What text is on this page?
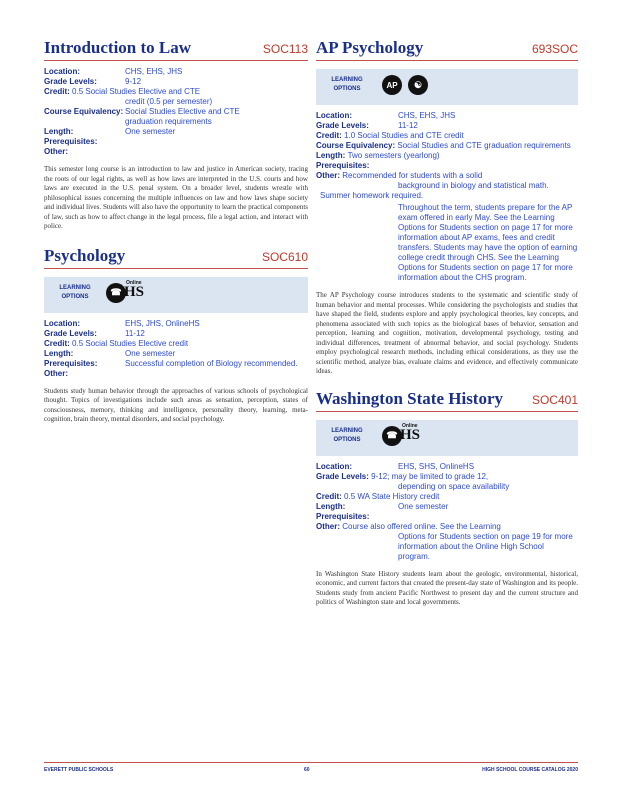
Introduction to Law	SOC113
Location:	CHS, EHS, JHS
Grade Levels:	9-12
Credit:
0.5 Social Studies Elective and CTE
credit (0.5 per semester)
Course Equivalency: Social Studies Elective and CTE
graduation requirements
Length:	One semester
Prerequisites:
Other:

This semester long course is an introduction to law and justice in American society, tracing the roots of our legal rights, as well as how laws are interpreted in the U.S. courts and how laws are executed in the U.S. penal system. On a broader level, students wrestle with philosophical issues concerning the multiple influences on law and how laws shape society and individual lives. Students will also have the opportunity to learn the practical components of law, such as how to affect change in the legal process, file a legal action, and interact with police.

Psychology	SOC610
LEARNING OPTIONS	☎ HS
Online
Location:	EHS, JHS, OnlineHS
Grade Levels:	11-12
Credit:
0.5 Social Studies Elective credit
Length:	One semester
Prerequisites:	Successful completion of Biology recommended.
Other:

Students study human behavior through the approaches of various schools of psychological thought. Topics of investigations include such areas as sensation, perception, states of consciousness, memory, thinking and intelligence, personality theory, learning, meta-cognition, brain theory, mental disorders, and social psychology.

AP Psychology	693SOC
LEARNING OPTIONS	AP	☯
Location:	CHS, EHS, JHS
Grade Levels:	11-12
Credit:
1.0 Social Studies and CTE credit
Course Equivalency:
Social Studies and CTE graduation requirements
Length:
Two semesters (yearlong)
Prerequisites:
Other:
Recommended for students with a solid
background in biology and statistical math.
Summer homework required.
Throughout the term, students prepare for the AP exam offered in early May. See the Learning Options for Students section on page 17 for more information about AP exams, fees and credit transfers. Students may have the option of earning college credit through CHS. See the Learning Options for Students section on page 17 for more information about the CHS program.

The AP Psychology course introduces students to the systematic and scientific study of human behavior and mental processes. While considering the psychologists and studies that have shaped the field, students explore and apply psychological theories, key concepts, and phenomena associated with such topics as the biological bases of behavior, sensation and perception, learning and cognition, motivation, developmental psychology, testing and individual differences, treatment of abnormal behavior, and social psychology. Students employ psychological research methods, including ethical considerations, as they use the scientific method, analyze bias, evaluate claims and evidence, and effectively communicate ideas.

Washington State History SOC401
LEARNING OPTIONS	☎ HS
Online
Location:	EHS, SHS, OnlineHS
Grade Levels:
9-12; may be limited to grade 12,
depending on space availability
Credit:
0.5 WA State History credit
Length:	One semester
Prerequisites:
Other:
Course also offered online. See the Learning
Options for Students section on page 19 for more information about the Online High School program.

In Washington State History students learn about the geologic, environmental, historical, economic, and current factors that created the present-day state of Washington and its people. Students study from ancient Pacific Northwest to present day and the current structure and politics of Washington state and local governments.

EVERETT PUBLIC SCHOOLS	60	HIGH SCHOOL COURSE CATALOG 2020
